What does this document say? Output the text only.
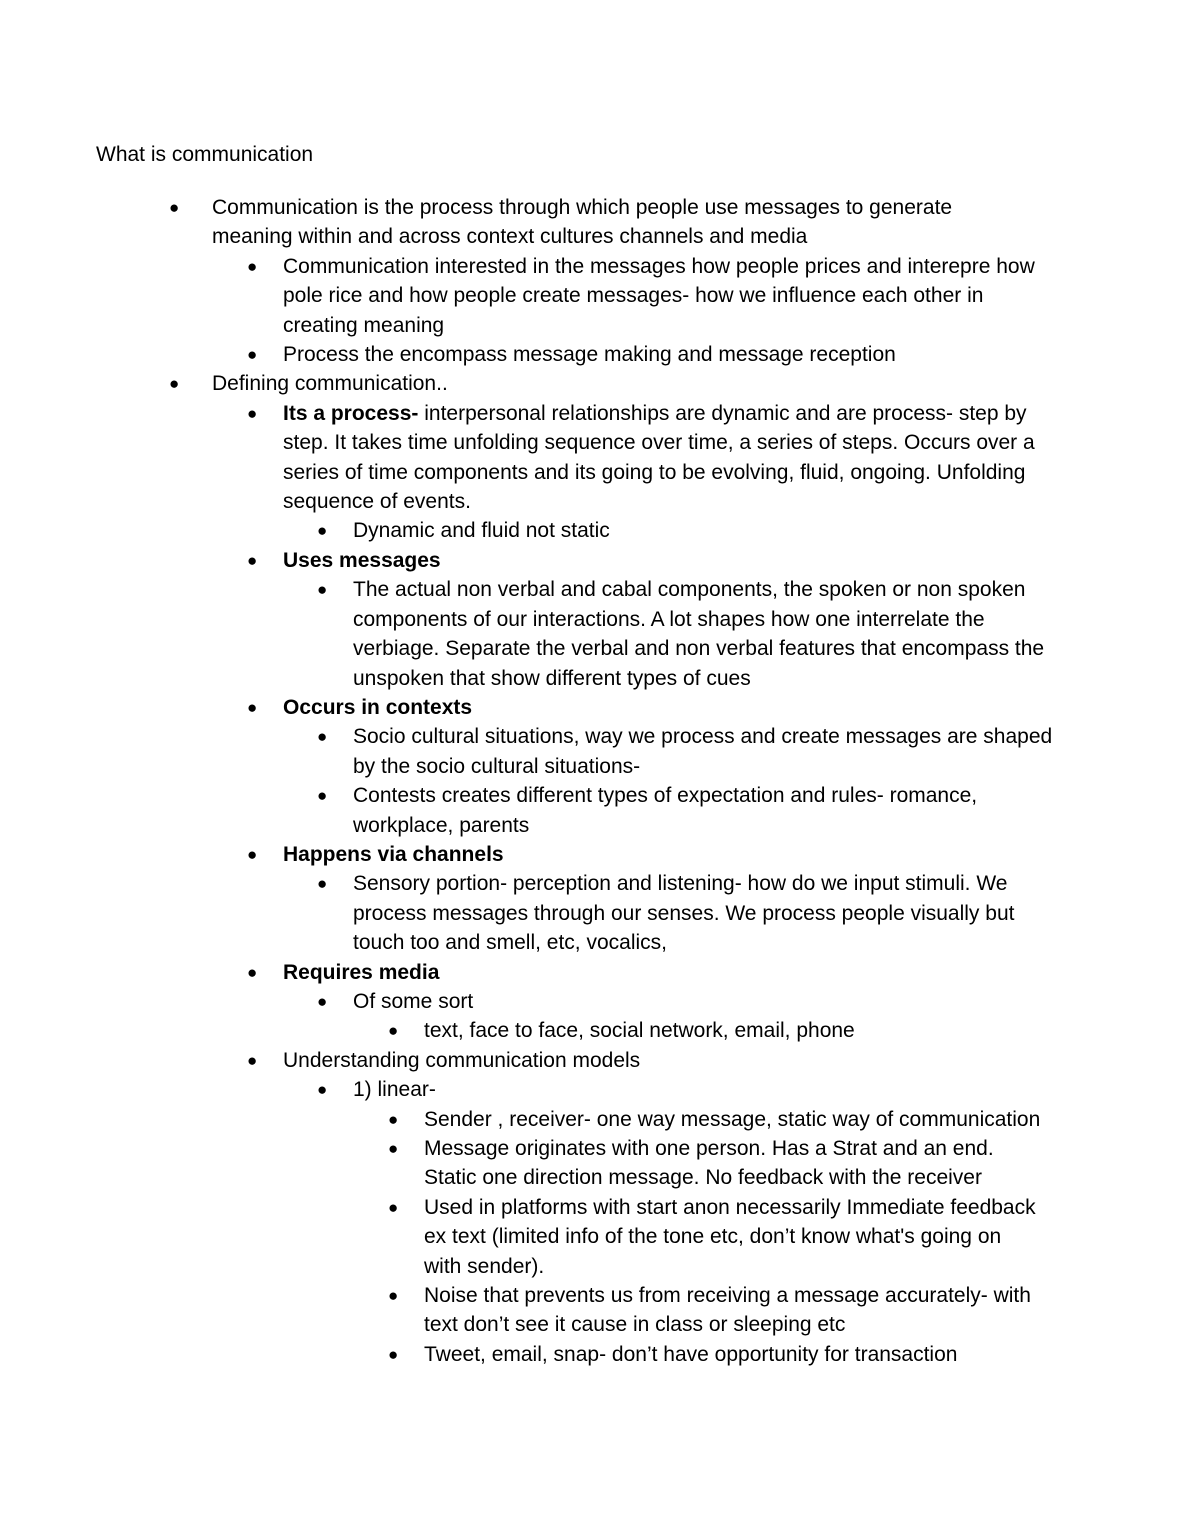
What is communication
●	Communication is the process through which people use messages to generate meaning within and across context cultures channels and media
●	Communication interested in the messages how people prices and interepre how pole rice and how people create messages- how we influence each other in creating meaning
●	Process the encompass message making and message reception
●	Defining communication..
●	Its a process- interpersonal relationships are dynamic and are process- step by step. It takes time unfolding sequence over time, a series of steps. Occurs over a series of time components and its going to be evolving, fluid, ongoing. Unfolding sequence of events.
●	Dynamic and fluid not static
●	Uses messages
●	The actual non verbal and cabal components, the spoken or non spoken components of our interactions. A lot shapes how one interrelate the verbiage. Separate the verbal and non verbal features that encompass the unspoken that show different types of cues
●	Occurs in contexts
●	Socio cultural situations, way we process and create messages are shaped by the socio cultural situations-
●	Contests creates different types of expectation and rules- romance, workplace, parents
●	Happens via channels
●	Sensory portion- perception and listening- how do we input stimuli. We process messages through our senses. We process people visually but touch too and smell, etc, vocalics,
●	Requires media
●	Of some sort
●	text, face to face, social network, email, phone
●	Understanding communication models
●	1) linear-
●	Sender , receiver- one way message, static way of communication
●	Message originates with one person. Has a Strat and an end. Static one direction message. No feedback with the receiver
●	Used in platforms with start anon necessarily Immediate feedback ex text (limited info of the tone etc, don’t know what's going on with sender).
●	Noise that prevents us from receiving a message accurately- with text don’t see it cause in class or sleeping etc
●	Tweet, email, snap- don’t have opportunity for transaction
